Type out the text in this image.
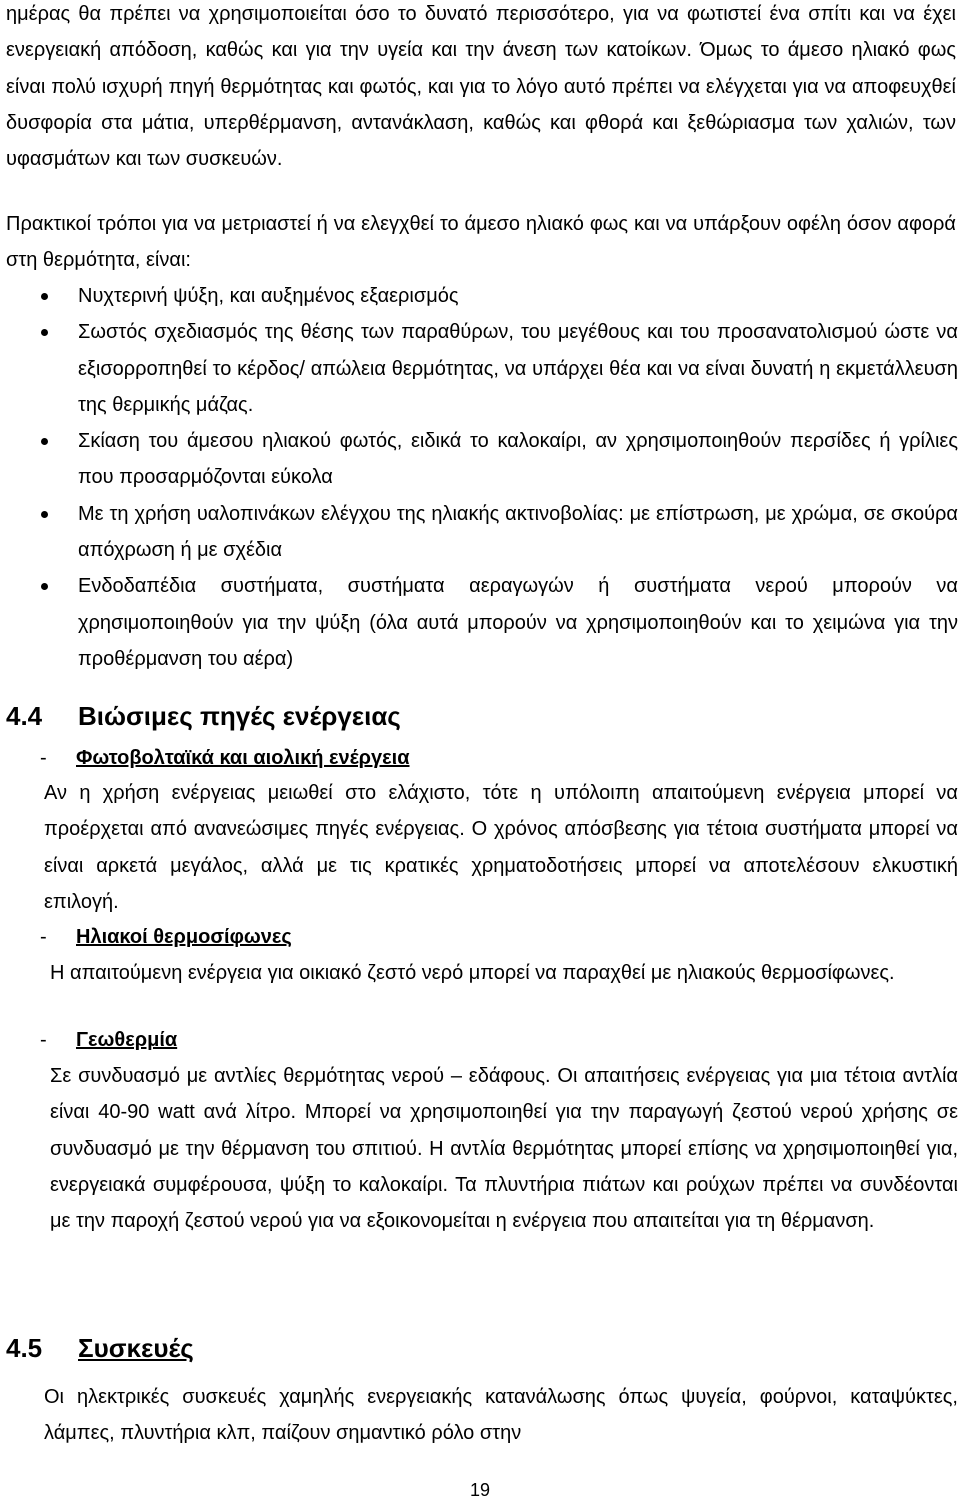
ημέρας θα πρέπει να χρησιμοποιείται όσο το δυνατό περισσότερο, για να φωτιστεί ένα σπίτι και να έχει ενεργειακή απόδοση, καθώς και για την υγεία και την άνεση των κατοίκων. Όμως το άμεσο ηλιακό φως είναι πολύ ισχυρή πηγή θερμότητας και φωτός, και για το λόγο αυτό πρέπει να ελέγχεται για να αποφευχθεί δυσφορία στα μάτια, υπερθέρμανση, αντανάκλαση, καθώς και φθορά και ξεθώριασμα των χαλιών, των υφασμάτων και των συσκευών.

Πρακτικοί τρόποι για να μετριαστεί ή να ελεγχθεί το άμεσο ηλιακό φως και να υπάρξουν οφέλη όσον αφορά στη θερμότητα, είναι:

Νυχτερινή ψύξη, και αυξημένος εξαερισμός
Σωστός σχεδιασμός της θέσης των παραθύρων, του μεγέθους και του προσανατολισμού ώστε να εξισορροπηθεί το κέρδος/ απώλεια θερμότητας, να υπάρχει θέα και να είναι δυνατή η εκμετάλλευση της θερμικής μάζας.
Σκίαση του άμεσου ηλιακού φωτός, ειδικά το καλοκαίρι, αν χρησιμοποιηθούν περσίδες ή γρίλιες που προσαρμόζονται εύκολα
Με τη χρήση υαλοπινάκων ελέγχου της ηλιακής ακτινοβολίας: με επίστρωση, με χρώμα, σε σκούρα απόχρωση ή με σχέδια
Ενδοδαπέδια συστήματα, συστήματα αεραγωγών ή συστήματα νερού μπορούν να χρησιμοποιηθούν για την ψύξη (όλα αυτά μπορούν να χρησιμοποιηθούν και το χειμώνα για την προθέρμανση του αέρα)
4.4 Βιώσιμες πηγές ενέργειας

- Φωτοβολταϊκά και αιολική ενέργεια

Αν η χρήση ενέργειας μειωθεί στο ελάχιστο, τότε η υπόλοιπη απαιτούμενη ενέργεια μπορεί να προέρχεται από ανανεώσιμες πηγές ενέργειας. Ο χρόνος απόσβεσης για τέτοια συστήματα μπορεί να είναι αρκετά μεγάλος, αλλά με τις κρατικές χρηματοδοτήσεις μπορεί να αποτελέσουν ελκυστική επιλογή.

- Ηλιακοί θερμοσίφωνες

Η απαιτούμενη ενέργεια για οικιακό ζεστό νερό μπορεί να παραχθεί με ηλιακούς θερμοσίφωνες.

- Γεωθερμία

Σε συνδυασμό με αντλίες θερμότητας νερού – εδάφους. Οι απαιτήσεις ενέργειας για μια τέτοια αντλία είναι 40-90 watt ανά λίτρο. Μπορεί να χρησιμοποιηθεί για την παραγωγή ζεστού νερού χρήσης σε συνδυασμό με την θέρμανση του σπιτιού. Η αντλία θερμότητας μπορεί επίσης να χρησιμοποιηθεί για, ενεργειακά συμφέρουσα, ψύξη το καλοκαίρι. Τα πλυντήρια πιάτων και ρούχων πρέπει να συνδέονται με την παροχή ζεστού νερού για να εξοικονομείται η ενέργεια που απαιτείται για τη θέρμανση.

4.5 Συσκευές

Οι ηλεκτρικές συσκευές χαμηλής ενεργειακής κατανάλωσης όπως ψυγεία, φούρνοι, καταψύκτες, λάμπες, πλυντήρια κλπ, παίζουν σημαντικό ρόλο στην

19
